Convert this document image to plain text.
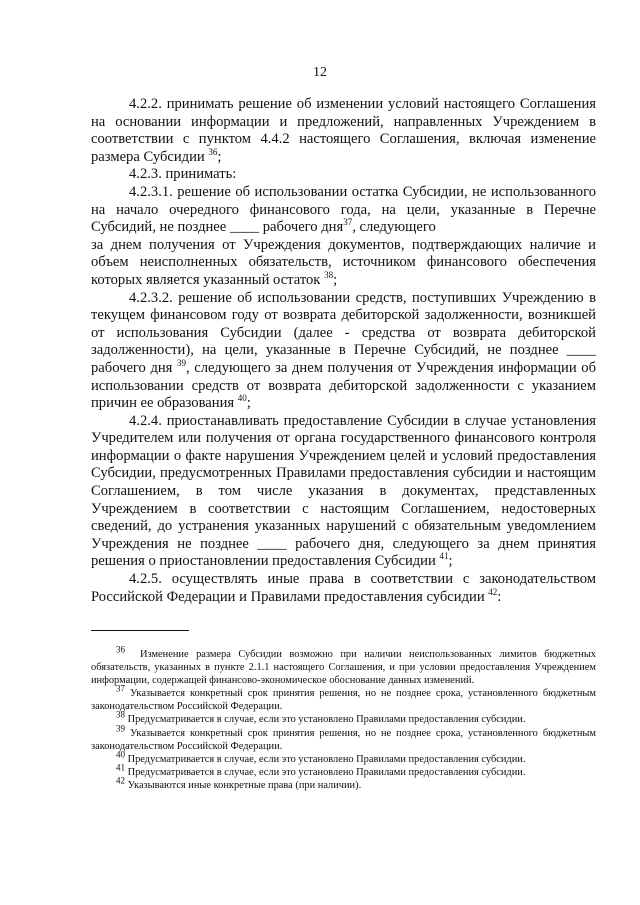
12

4.2.2. принимать решение об изменении условий настоящего Соглашения на основании информации и предложений, направленных Учреждением в соответствии с пунктом 4.4.2 настоящего Соглашения, включая изменение размера Субсидии $^{36}$;

4.2.3. принимать:

4.2.3.1. решение об использовании остатка Субсидии, не использованного на начало очередного финансового года, на цели, указанные в Перечне Субсидий, не позднее ____ рабочего дня$^{37}$, следующего

за днем получения от Учреждения документов, подтверждающих наличие и объем неисполненных обязательств, источником финансового обеспечения которых является указанный остаток $^{38}$;

4.2.3.2. решение об использовании средств, поступивших Учреждению в текущем финансовом году от возврата дебиторской задолженности, возникшей от использования Субсидии (далее - средства от возврата дебиторской задолженности), на цели, указанные в Перечне Субсидий, не позднее ____ рабочего дня $^{39}$, следующего за днем получения от Учреждения информации об использовании средств от возврата дебиторской задолженности с указанием причин ее образования $^{40}$;

4.2.4. приостанавливать предоставление Субсидии в случае установления Учредителем или получения от органа государственного финансового контроля информации о факте нарушения Учреждением целей и условий предоставления Субсидии, предусмотренных Правилами предоставления субсидии и настоящим Соглашением, в том числе указания в документах, представленных Учреждением в соответствии с настоящим Соглашением, недостоверных сведений, до устранения указанных нарушений с обязательным уведомлением Учреждения не позднее ____ рабочего дня, следующего за днем принятия решения о приостановлении предоставления Субсидии $^{41}$;

4.2.5. осуществлять иные права в соответствии с законодательством Российской Федерации и Правилами предоставления субсидии $^{42}$:

$^{36}$ Изменение размера Субсидии возможно при наличии неиспользованных лимитов бюджетных обязательств, указанных в пункте 2.1.1 настоящего Соглашения, и при условии предоставления Учреждением информации, содержащей финансово-экономическое обоснование данных изменений.

$^{37}$ Указывается конкретный срок принятия решения, но не позднее срока, установленного бюджетным законодательством Российской Федерации.

$^{38}$ Предусматривается в случае, если это установлено Правилами предоставления субсидии.

$^{39}$ Указывается конкретный срок принятия решения, но не позднее срока, установленного бюджетным законодательством Российской Федерации.

$^{40}$ Предусматривается в случае, если это установлено Правилами предоставления субсидии.

$^{41}$ Предусматривается в случае, если это установлено Правилами предоставления субсидии.

$^{42}$ Указываются иные конкретные права (при наличии).
